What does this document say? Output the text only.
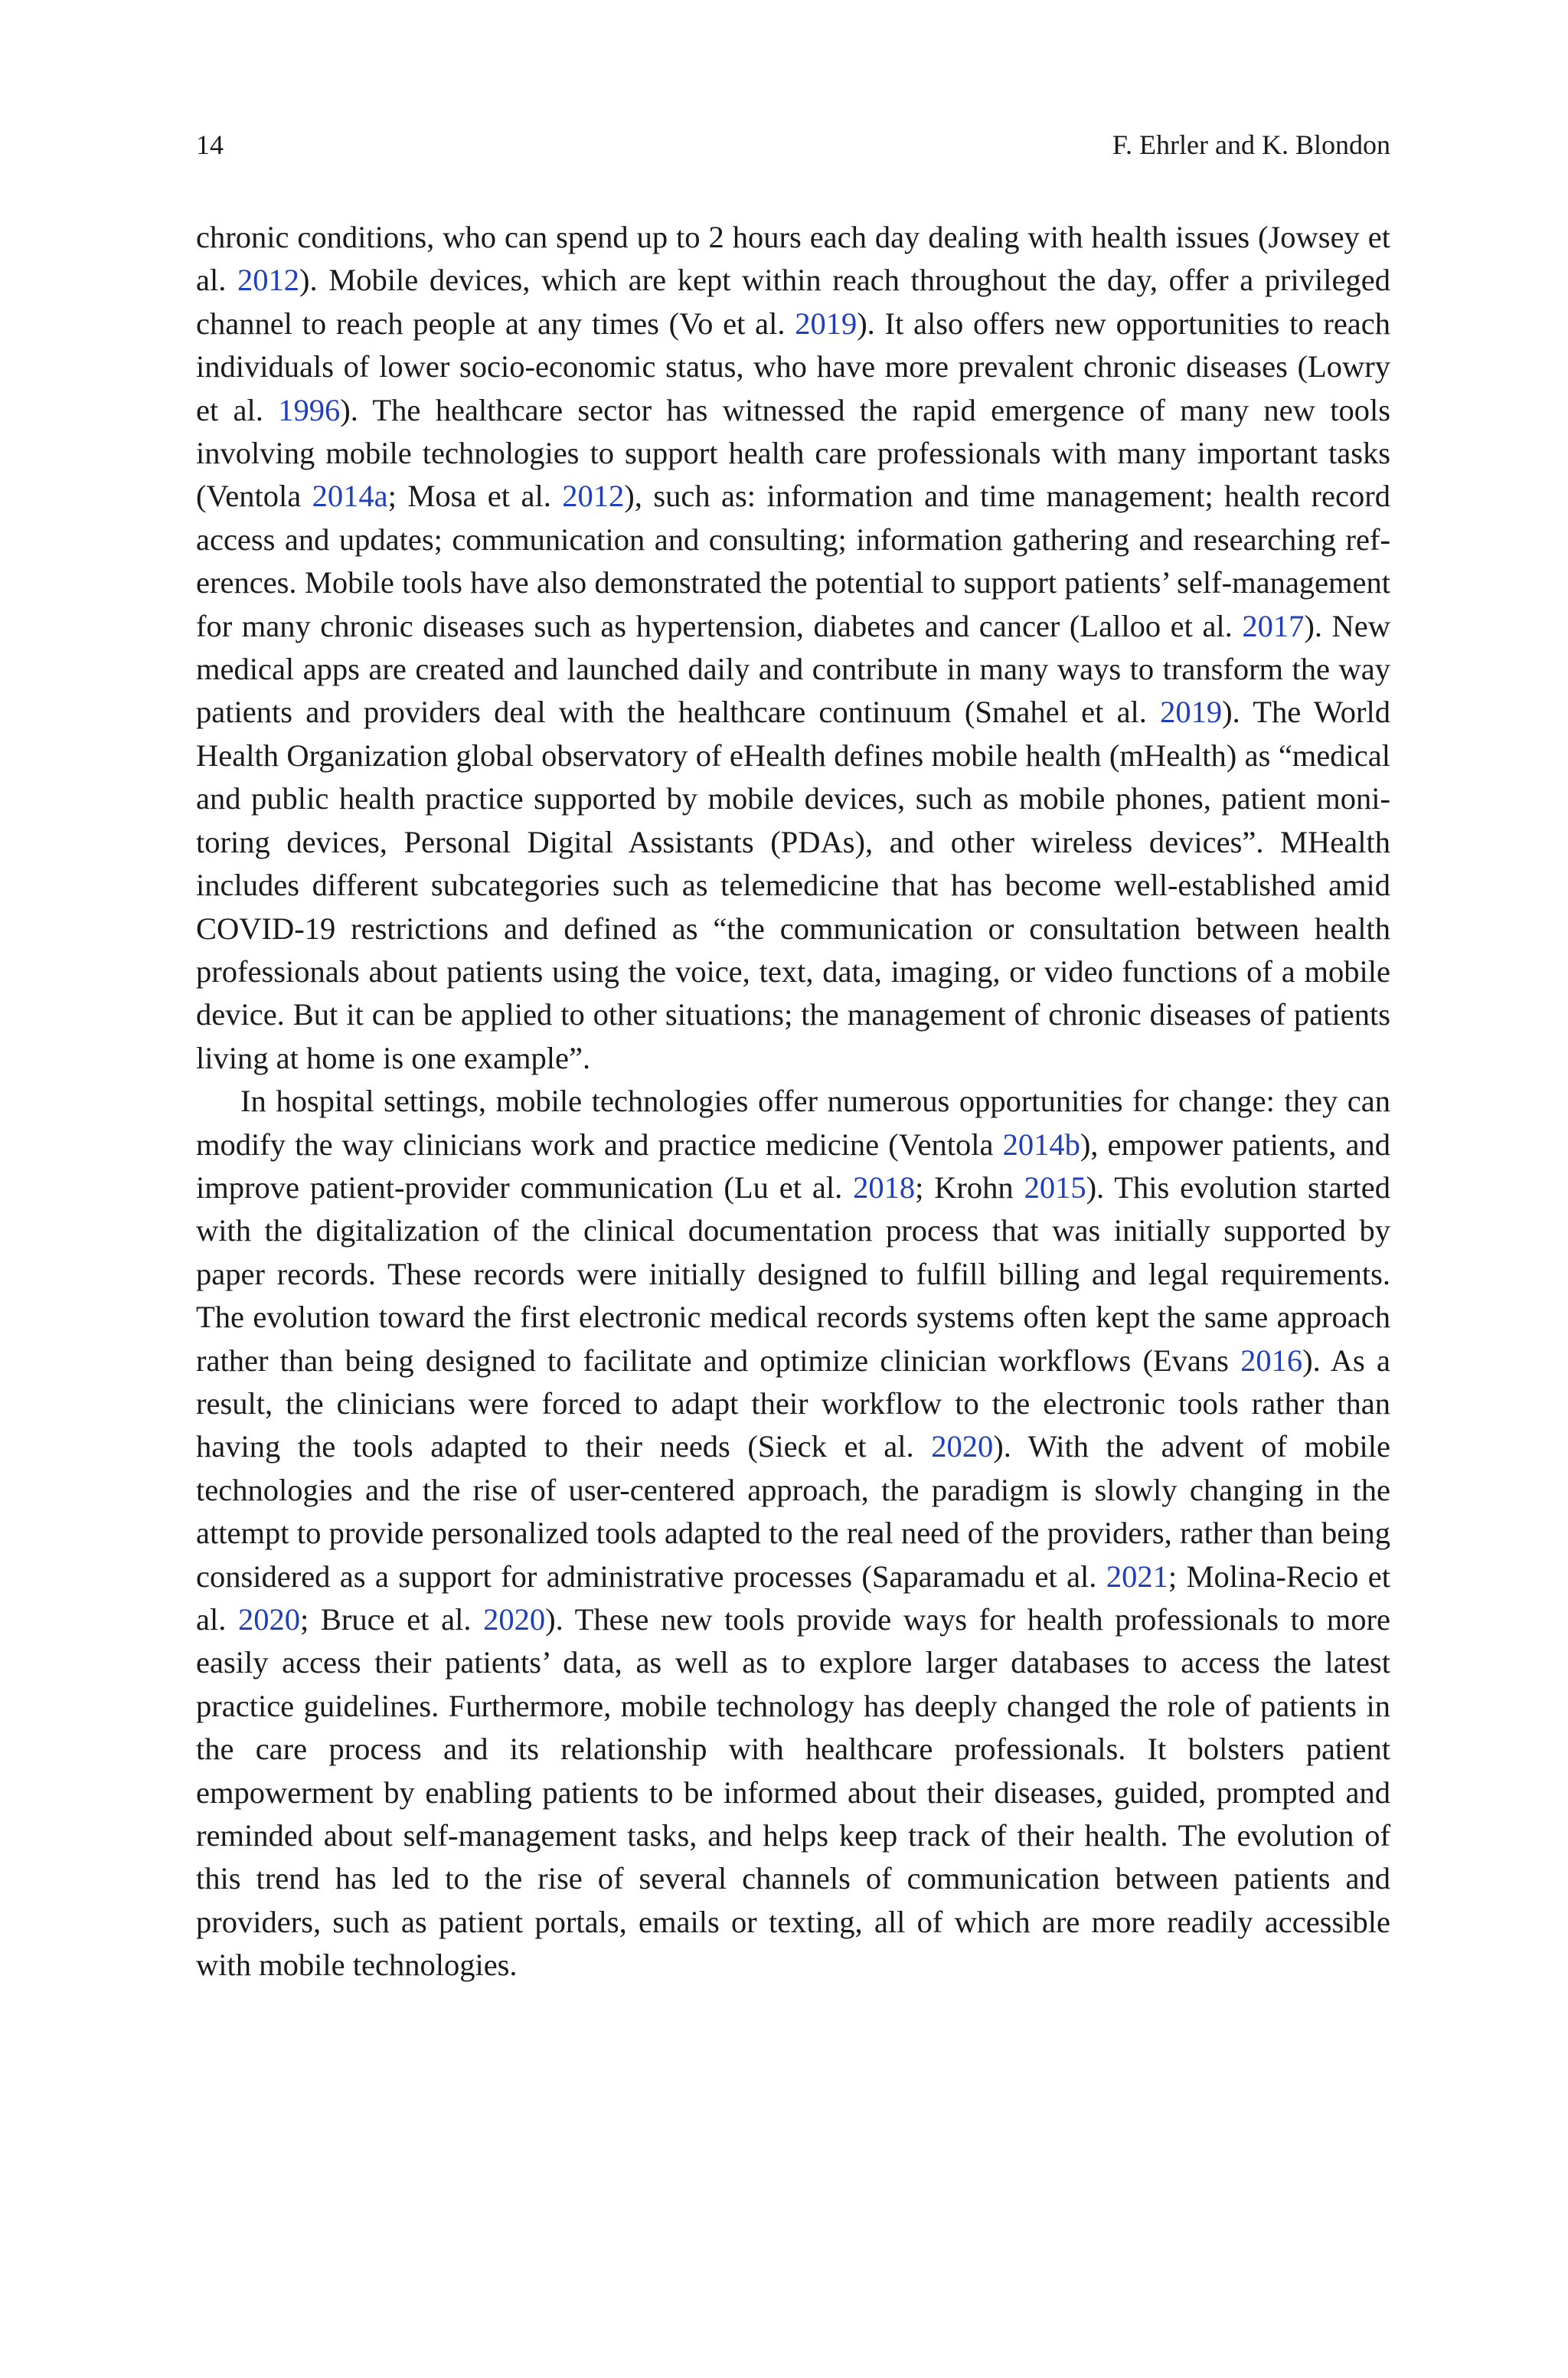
14	F. Ehrler and K. Blondon

chronic conditions, who can spend up to 2 hours each day dealing with health issues (Jowsey et al. 2012). Mobile devices, which are kept within reach throughout the day, offer a privileged channel to reach people at any times (Vo et al. 2019). It also offers new opportunities to reach individuals of lower socio-economic status, who have more prevalent chronic diseases (Lowry et al. 1996). The healthcare sector has witnessed the rapid emergence of many new tools involving mobile technologies to support health care professionals with many important tasks (Ventola 2014a; Mosa et al. 2012), such as: information and time management; health record access and updates; communication and consulting; information gathering and researching references. Mobile tools have also demonstrated the potential to support patients’ self-management for many chronic diseases such as hypertension, diabetes and cancer (Lalloo et al. 2017). New medical apps are created and launched daily and contribute in many ways to transform the way patients and providers deal with the healthcare continuum (Smahel et al. 2019). The World Health Organization global observatory of eHealth defines mobile health (mHealth) as “medical and public health practice supported by mobile devices, such as mobile phones, patient monitoring devices, Personal Digital Assistants (PDAs), and other wireless devices”. MHealth includes different subcategories such as telemedicine that has become well-established amid COVID-19 restrictions and defined as “the communication or consultation between health professionals about patients using the voice, text, data, imaging, or video functions of a mobile device. But it can be applied to other situations; the management of chronic diseases of patients living at home is one example”.

In hospital settings, mobile technologies offer numerous opportunities for change: they can modify the way clinicians work and practice medicine (Ventola 2014b), empower patients, and improve patient-provider communication (Lu et al. 2018; Krohn 2015). This evolution started with the digitalization of the clinical documentation process that was initially supported by paper records. These records were initially designed to fulfill billing and legal requirements. The evolution toward the first electronic medical records systems often kept the same approach rather than being designed to facilitate and optimize clinician workflows (Evans 2016). As a result, the clinicians were forced to adapt their workflow to the electronic tools rather than having the tools adapted to their needs (Sieck et al. 2020). With the advent of mobile technologies and the rise of user-centered approach, the paradigm is slowly changing in the attempt to provide personalized tools adapted to the real need of the providers, rather than being considered as a support for administrative processes (Saparamadu et al. 2021; Molina-Recio et al. 2020; Bruce et al. 2020). These new tools provide ways for health professionals to more easily access their patients’ data, as well as to explore larger databases to access the latest practice guidelines. Furthermore, mobile technology has deeply changed the role of patients in the care process and its relationship with healthcare professionals. It bolsters patient empowerment by enabling patients to be informed about their diseases, guided, prompted and reminded about self-management tasks, and helps keep track of their health. The evolution of this trend has led to the rise of several channels of communication between patients and providers, such as patient portals, emails or texting, all of which are more readily accessible with mobile technologies.
